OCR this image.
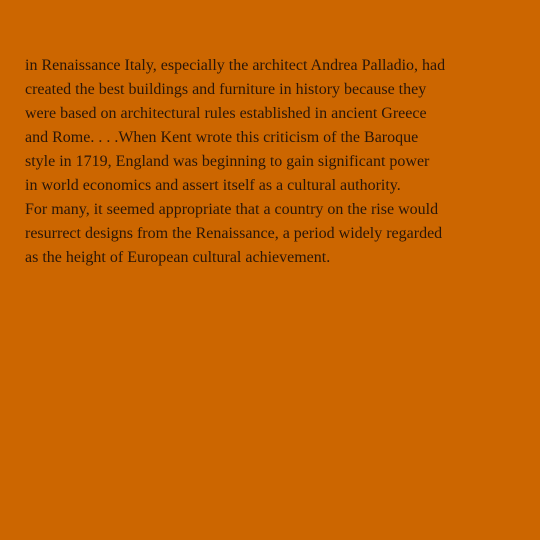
in Renaissance Italy, especially the architect Andrea Palladio, had
created the best buildings and furniture in history because they
were based on architectural rules established in ancient Greece
and Rome. . . .When Kent wrote this criticism of the Baroque
style in 1719, England was beginning to gain significant power
in world economics and assert itself as a cultural authority.
For many, it seemed appropriate that a country on the rise would
resurrect designs from the Renaissance, a period widely regarded
as the height of European cultural achievement.
